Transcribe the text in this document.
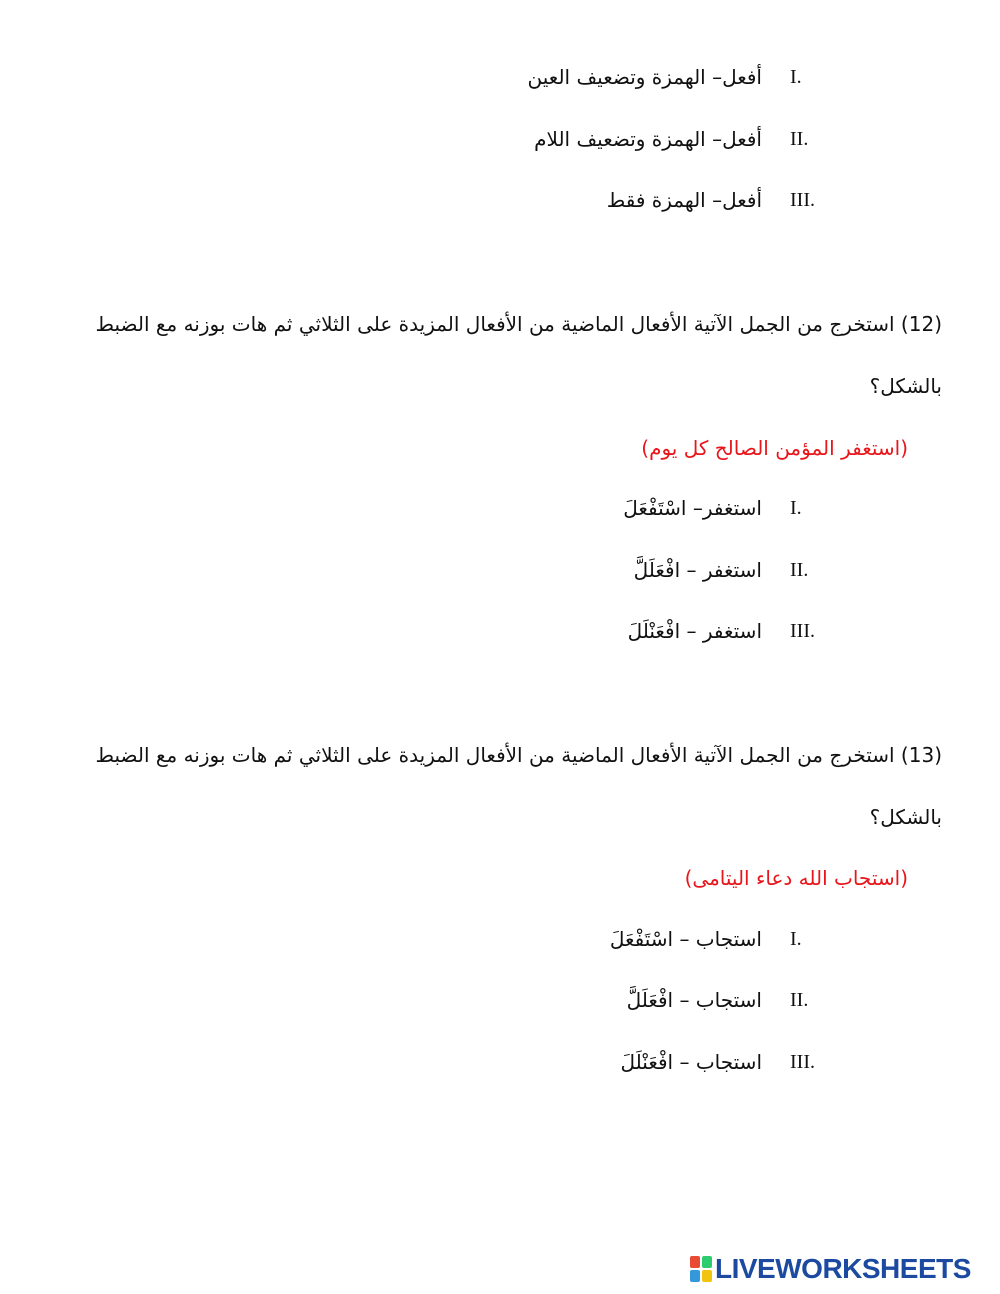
I.
أفعل– الهمزة وتضعيف العين
II.
أفعل– الهمزة وتضعيف اللام
III.
أفعل– الهمزة فقط
(12) استخرج من الجمل الآتية الأفعال الماضية من الأفعال المزيدة على الثلاثي ثم هات بوزنه مع الضبط
بالشكل؟
(استغفر المؤمن الصالح كل يوم)
I.
استغفر– اسْتَفْعَلَ
II.
استغفر – افْعَلَلَّ
III.
استغفر – افْعَنْلَلَ
(13) استخرج من الجمل الآتية الأفعال الماضية من الأفعال المزيدة على الثلاثي ثم هات بوزنه مع الضبط
بالشكل؟
(استجاب الله دعاء اليتامى)
I.
استجاب – اسْتَفْعَلَ
II.
استجاب – افْعَلَلَّ
III.
استجاب – افْعَنْلَلَ
LIVEWORKSHEETS
